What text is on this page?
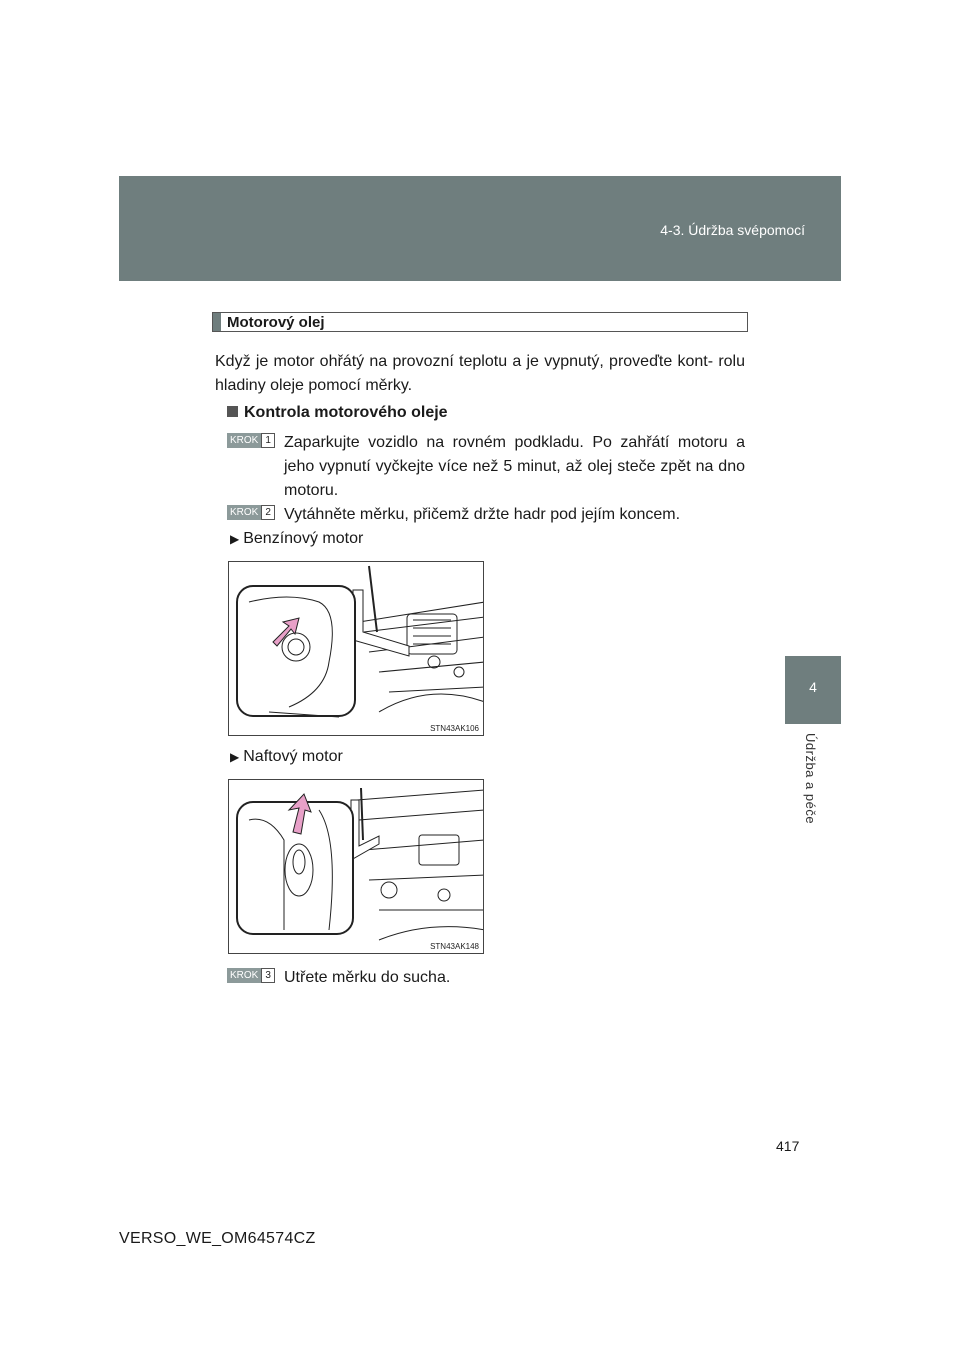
4-3. Údržba svépomocí
4
Údržba a péče
Motorový olej
Když je motor ohřátý na provozní teplotu a je vypnutý, proveďte kont- rolu hladiny oleje pomocí měrky.
Kontrola motorového oleje
KROK 1 Zaparkujte vozidlo na rovném podkladu. Po zahřátí motoru a jeho vypnutí vyčkejte více než 5 minut, až olej steče zpět na dno motoru.
KROK 2 Vytáhněte měrku, přičemž držte hadr pod jejím koncem.
▶ Benzínový motor
STN43AK106
▶ Naftový motor
STN43AK148
KROK 3 Utřete měrku do sucha.
417
VERSO_WE_OM64574CZ
